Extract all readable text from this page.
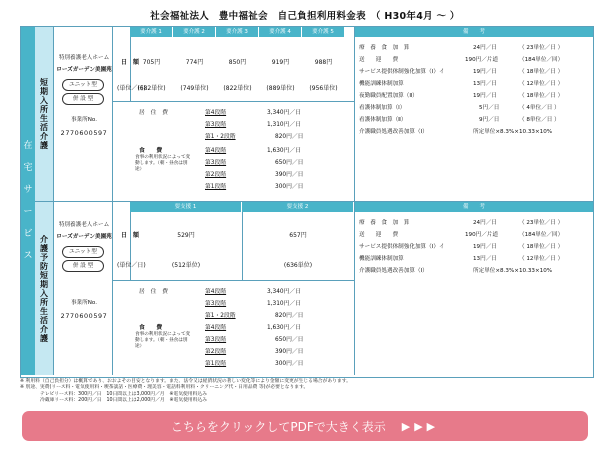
社会福祉法人　豊中福祉会　自己負担利用料金表　（ H30年4月 〜 ）
在
宅
サ
ー
ビ
ス
短期入所生活介護
特別養護老人ホーム
ローズガーデン美園苑
ユニット型
併 設 型
事業所No.
2770600597
要介護 1	要介護 2	要介護 3	要介護 4	要介護 5	備　　考
日　額
(単位／日)
705円	774円	850円	919円	988円
(682単位)	(749単位)	(822単位)	(889単位)	(956単位)
居　住　費	第4段階	3,340円／日
第3段階	1,310円／日
第1・2段階	820円／日
食　　費
食事の利用状況によって変動します。（朝・昼食は別途）
第4段階	1,630円／日
第3段階	650円／日
第2段階	390円／日
第1段階	300円／日
療　養　食　加　算	24円／日	（ 23単位／日 ）
送　　迎　　費	190円／片道	（184単位／回）
サービス提供体制強化加算（Ⅰ）イ	19円／日	（ 18単位／日 ）
機能訓練体制加算	13円／日	（ 12単位／日 ）
夜勤職員配置加算（Ⅱ）	19円／日	（ 18単位／日 ）
看護体制加算（Ⅰ）	5円／日	（ 4単位／日 ）
看護体制加算（Ⅱ）	9円／日	（ 8単位／日 ）
介護職員処遇改善加算（Ⅰ）	所定単位×8.3%×10.33×10%
介護予防短期入所生活介護
特別養護老人ホーム
ローズガーデン美園苑
ユニット型
併 設 型
事業所No.
2770600597
要支援 1	要支援 2	備　　考
日　額
(単位／日)
529円	657円
(512単位)	(636単位)
居　住　費	第4段階	3,340円／日
第3段階	1,310円／日
第1・2段階	820円／日
食　　費
食事の利用状況によって変動します。（朝・昼食は別途）
第4段階	1,630円／日
第3段階	650円／日
第2段階	390円／日
第1段階	300円／日
療　養　食　加　算	24円／日	（ 23単位／日 ）
送　　迎　　費	190円／片道	（184単位／回）
サービス提供体制強化加算（Ⅰ）イ	19円／日	（ 18単位／日 ）
機能訓練体制加算	13円／日	（ 12単位／日 ）
介護職員処遇改善加算（Ⅰ）	所定単位×8.3%×10.33×10%
※ 利用料（自己負担分）は概算であり、おおよその目安となります。また、法令又は経済状況の著しい変化等により金額に変更が生じる場合があります。
※ 別途、実費(リース料・電気使用料・喫茶談話・医療費・理美容・電話料利用料・クリーニング代・日用品費 等)が必要となります。
テレビリース料：300円／日　10日間以上は3,000円／月　※電気使用料込み
冷蔵庫リース料：200円／日　10日間以上は2,000円／月　※電気使用料込み
こちらをクリックしてPDFで大きく表示 ▶▶▶
